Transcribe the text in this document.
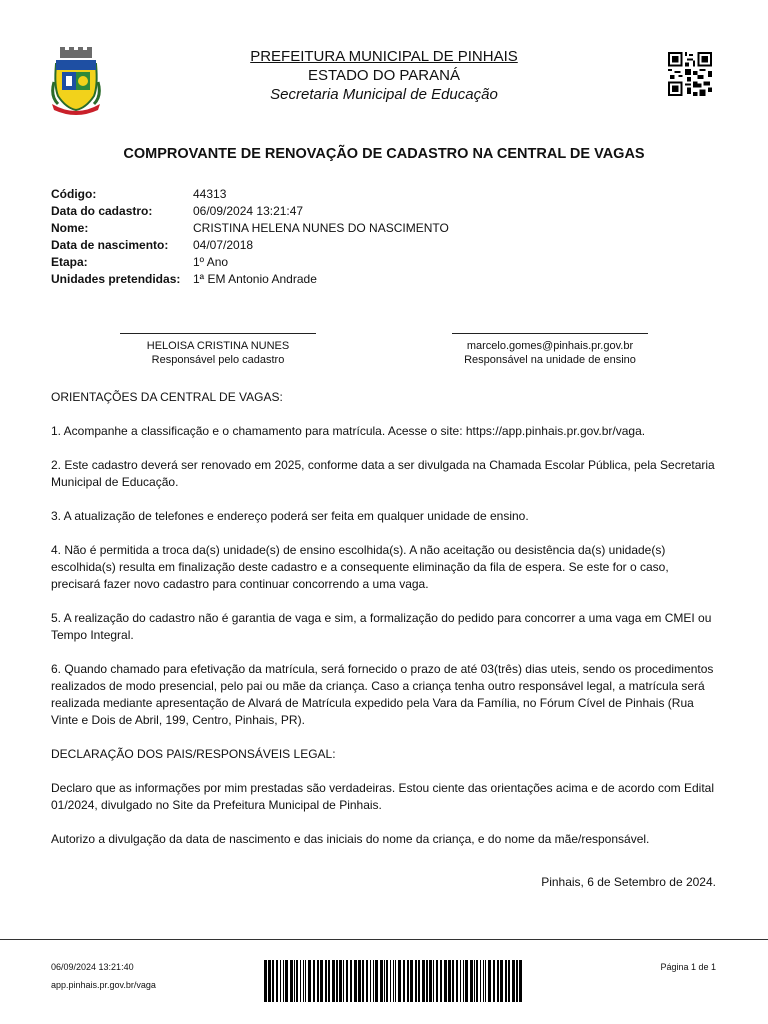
PREFEITURA MUNICIPAL DE PINHAIS
ESTADO DO PARANÁ
Secretaria Municipal de Educação
COMPROVANTE DE RENOVAÇÃO DE CADASTRO NA CENTRAL DE VAGAS
Código:	44313
Data do cadastro:	06/09/2024 13:21:47
Nome:	CRISTINA HELENA NUNES DO NASCIMENTO
Data de nascimento: 04/07/2018
Etapa:	1º Ano
Unidades pretendidas: 1ª EM Antonio Andrade
HELOISA CRISTINA NUNES
Responsável pelo cadastro
marcelo.gomes@pinhais.pr.gov.br
Responsável na unidade de ensino

ORIENTAÇÕES DA CENTRAL DE VAGAS:

1. Acompanhe a classificação e o chamamento para matrícula. Acesse o site: https://app.pinhais.pr.gov.br/vaga.

2. Este cadastro deverá ser renovado em 2025, conforme data a ser divulgada na Chamada Escolar Pública, pela Secretaria Municipal de Educação.

3. A atualização de telefones e endereço poderá ser feita em qualquer unidade de ensino.

4. Não é permitida a troca da(s) unidade(s) de ensino escolhida(s). A não aceitação ou desistência da(s) unidade(s) escolhida(s) resulta em finalização deste cadastro e a consequente eliminação da fila de espera. Se este for o caso, precisará fazer novo cadastro para continuar concorrendo a uma vaga.

5. A realização do cadastro não é garantia de vaga e sim, a formalização do pedido para concorrer a uma vaga em CMEI ou Tempo Integral.

6. Quando chamado para efetivação da matrícula, será fornecido o prazo de até 03(três) dias uteis, sendo os procedimentos realizados de modo presencial, pelo pai ou mãe da criança. Caso a criança tenha outro responsável legal, a matrícula será realizada mediante apresentação de Alvará de Matrícula expedido pela Vara da Família, no Fórum Cível de Pinhais (Rua Vinte e Dois de Abril, 199, Centro, Pinhais, PR).

DECLARAÇÃO DOS PAIS/RESPONSÁVEIS LEGAL:

Declaro que as informações por mim prestadas são verdadeiras. Estou ciente das orientações acima e de acordo com Edital 01/2024, divulgado no Site da Prefeitura Municipal de Pinhais.

Autorizo a divulgação da data de nascimento e das iniciais do nome da criança, e do nome da mãe/responsável.

Pinhais, 6 de Setembro de 2024.
06/09/2024 13:21:40
app.pinhais.pr.gov.br/vaga
Página 1 de 1
